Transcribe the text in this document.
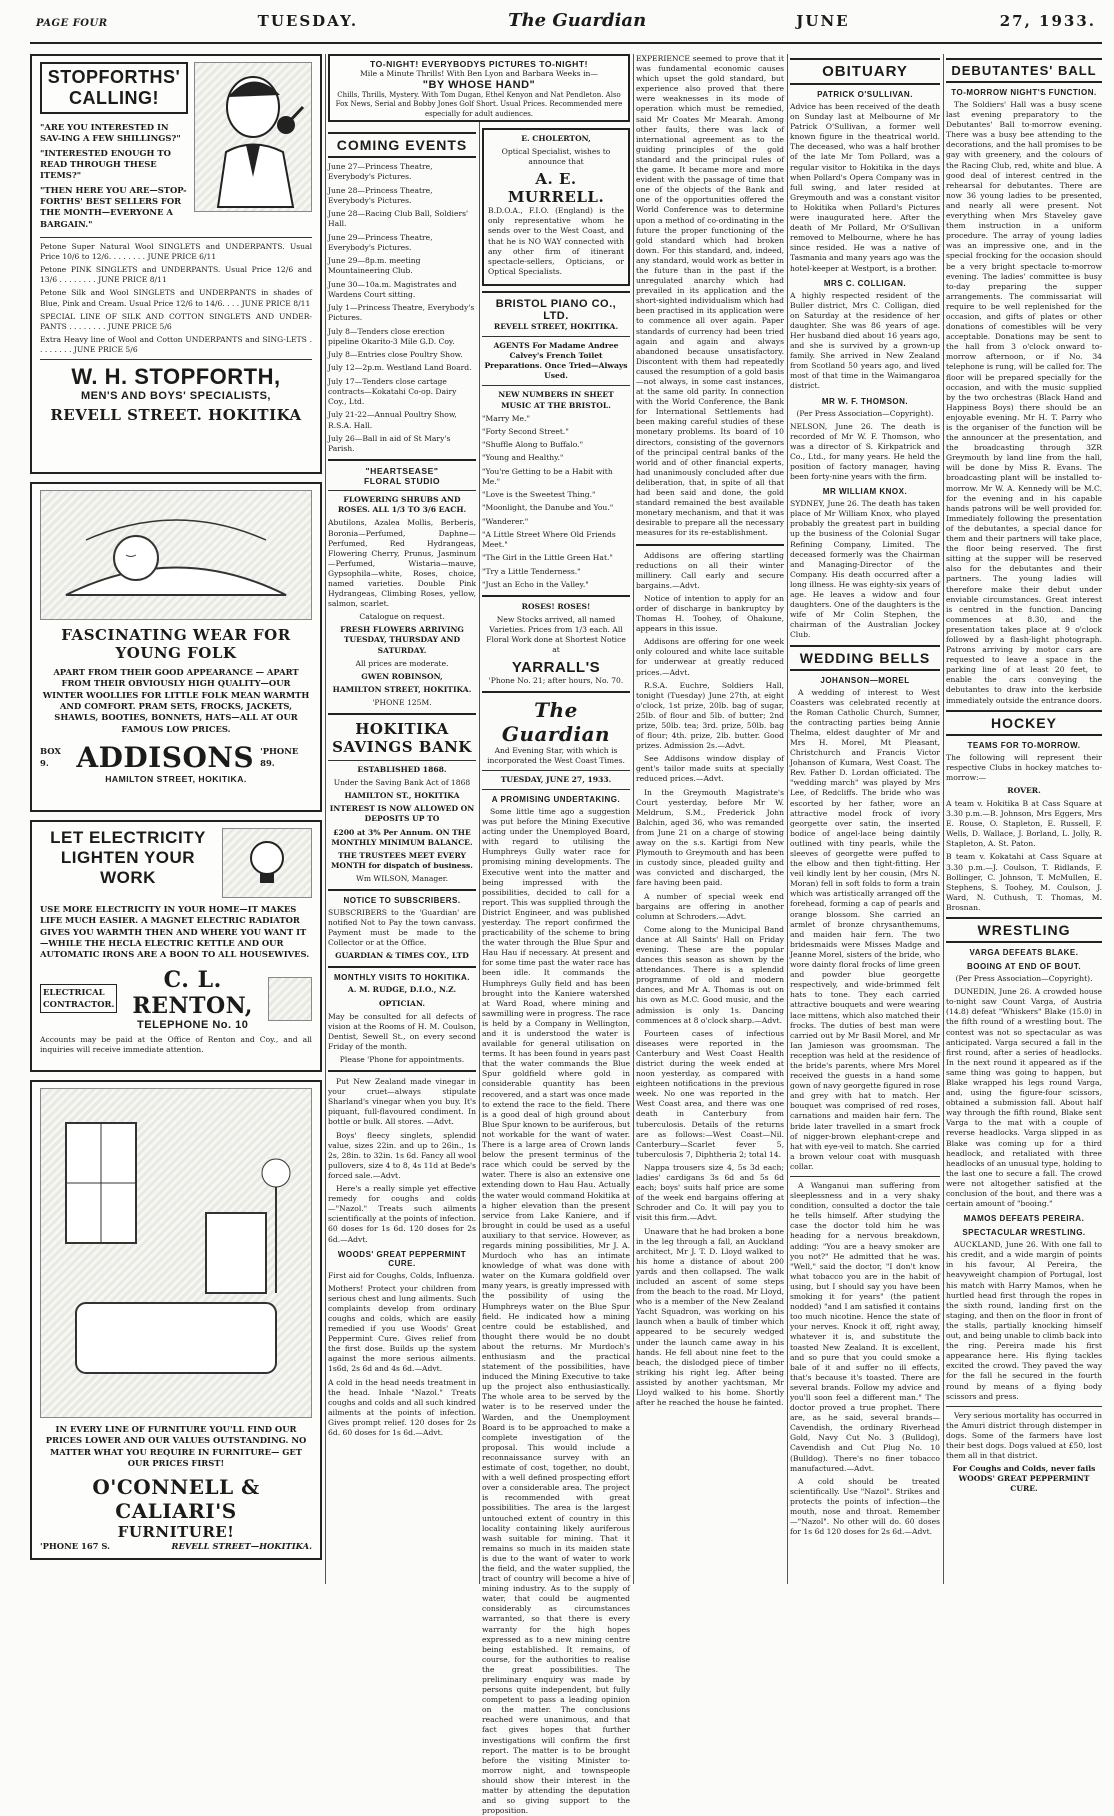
PAGE FOUR	TUESDAY.	The Guardian	JUNE	27, 1933.
STOPFORTHS'
CALLING!

"ARE YOU INTERESTED IN SAV-ING A FEW SHILLINGS?"

"INTERESTED ENOUGH TO READ THROUGH THESE ITEMS?"

"THEN HERE YOU ARE—STOP-FORTHS' BEST SELLERS FOR THE MONTH—EVERYONE A BARGAIN."

Petone Super Natural Wool SINGLETS and UNDERPANTS. Usual Price 10/6 to 12/6. . . . . . . . JUNE PRICE 6/11

Petone PINK SINGLETS and UNDERPANTS. Usual Price 12/6 and 13/6 . . . . . . . . JUNE PRICE 8/11

Petone Silk and Wool SINGLETS and UNDERPANTS in shades of Blue, Pink and Cream. Usual Price 12/6 to 14/6. . . . JUNE PRICE 8/11

SPECIAL LINE OF SILK AND COTTON SINGLETS AND UNDER-PANTS . . . . . . . . JUNE PRICE 5/6

Extra Heavy line of Wool and Cotton UNDERPANTS and SING-LETS . . . . . . . . JUNE PRICE 5/6

W. H. STOPFORTH,
MEN'S AND BOYS' SPECIALISTS,
REVELL STREET. HOKITIKA
FASCINATING WEAR FOR
YOUNG FOLK

APART FROM THEIR GOOD APPEARANCE — APART FROM THEIR OBVIOUSLY HIGH QUALITY—OUR WINTER WOOLLIES FOR LITTLE FOLK MEAN WARMTH AND COMFORT. PRAM SETS, FROCKS, JACKETS, SHAWLS, BOOTIES, BONNETS, HATS—ALL AT OUR FAMOUS LOW PRICES.

BOX 9. ADDISONS 'PHONE 89.
HAMILTON STREET, HOKITIKA.
LET ELECTRICITY
LIGHTEN YOUR
WORK

USE MORE ELECTRICITY IN YOUR HOME—IT MAKES LIFE MUCH EASIER. A MAGNET ELECTRIC RADIATOR GIVES YOU WARMTH THEN AND WHERE YOU WANT IT—WHILE THE HECLA ELECTRIC KETTLE AND OUR AUTOMATIC IRONS ARE A BOON TO ALL HOUSEWIVES.

ELECTRICAL
CONTRACTOR.
C. L. RENTON,
TELEPHONE No. 10

Accounts may be paid at the Office of Renton and Coy., and all inquiries will receive immediate attention.

IN EVERY LINE OF FURNITURE YOU'LL FIND OUR PRICES LOWER AND OUR VALUES OUTSTANDING. NO MATTER WHAT YOU REQUIRE IN FURNITURE— GET OUR PRICES FIRST!

O'CONNELL & CALIARI'S
FURNITURE!
'PHONE 167 S.	REVELL STREET—HOKITIKA.
TO-NIGHT! EVERYBODYS PICTURES TO-NIGHT!
Mile a Minute Thrills! With Ben Lyon and Barbara Weeks in—
"BY WHOSE HAND"
Chills, Thrills, Mystery. With Tom Dugan, Ethel Kenyon and Nat Pendleton. Also Fox News, Serial and Bobby Jones Golf Short. Usual Prices. Recommended mere especially for adult audiences.
COMING EVENTS

June 27—Princess Theatre, Everybody's Pictures.

June 28—Princess Theatre, Everybody's Pictures.

June 28—Racing Club Ball, Soldiers' Hall.

June 29—Princess Theatre, Everybody's Pictures.

June 29—8p.m. meeting Mountaineering Club.

June 30—10a.m. Magistrates and Wardens Court sitting.

July 1—Princess Theatre, Everybody's Pictures.

July 8—Tenders close erection pipeline Okarito-3 Mile G.D. Coy.

July 8—Entries close Poultry Show.

July 12—2p.m. Westland Land Board.

July 17—Tenders close cartage contracts—Kokatahi Co-op. Dairy Coy., Ltd.

July 21-22—Annual Poultry Show, R.S.A. Hall.

July 26—Ball in aid of St Mary's Parish.

"HEARTSEASE"
FLORAL STUDIO

FLOWERING SHRUBS AND ROSES. ALL 1/3 TO 3/6 EACH.

Abutilons, Azalea Mollis, Berberis, Boronia—Perfumed, Daphne—Perfumed, Red Hydrangeas, Flowering Cherry, Prunus, Jasminum—Perfumed, Wistaria—mauve, Gypsophila—white, Roses, choice, named varieties. Double Pink Hydrangeas, Climbing Roses, yellow, salmon, scarlet.

Catalogue on request.

FRESH FLOWERS ARRIVING TUESDAY, THURSDAY AND SATURDAY.

All prices are moderate.

GWEN ROBINSON,

HAMILTON STREET, HOKITIKA.

'PHONE 125M.

HOKITIKA
SAVINGS BANK

ESTABLISHED 1868.

Under the Saving Bank Act of 1868

HAMILTON ST., HOKITIKA

INTEREST IS NOW ALLOWED ON DEPOSITS UP TO

£200 at 3% Per Annum. ON THE MONTHLY MINIMUM BALANCE.

THE TRUSTEES MEET EVERY MONTH for dispatch of business.

Wm WILSON, Manager.

NOTICE TO SUBSCRIBERS.

SUBSCRIBERS to the 'Guardian' are notified Not to Pay the town canvass. Payment must be made to the Collector or at the Office.

GUARDIAN & TIMES COY., LTD

MONTHLY VISITS TO HOKITIKA.

A. M. RUDGE, D.I.O., N.Z.

OPTICIAN.

May be consulted for all defects of vision at the Rooms of H. M. Coulson, Dentist, Sewell St., on every second Friday of the month.

Please 'Phone for appointments.

Put New Zealand made vinegar in your cruet—always stipulate Sharland's vinegar when you buy. It's piquant, full-flavoured condiment. In bottle or bulk. All stores. —Advt.

Boys' fleecy singlets, splendid value, sizes 22in. and up to 26in., 1s 2s, 28in. to 32in. 1s 6d. Fancy all wool pullovers, size 4 to 8, 4s 11d at Bede's forced sale.—Advt.

Here's a really simple yet effective remedy for coughs and colds—"Nazol." Treats such ailments scientifically at the points of infection. 60 doses for 1s 6d. 120 doses for 2s 6d.—Advt.

WOODS' GREAT PEPPERMINT CURE.

First aid for Coughs, Colds, Influenza.

Mothers! Protect your children from serious chest and lung ailments. Such complaints develop from ordinary coughs and colds, which are easily remedied if you use Woods' Great Peppermint Cure. Gives relief from the first dose. Builds up the system against the more serious ailments. 1s6d, 2s 6d and 4s 6d.—Advt.

A cold in the head needs treatment in the head. Inhale "Nazol." Treats coughs and colds and all such kindred ailments at the points of infection. Gives prompt relief. 120 doses for 2s 6d. 60 doses for 1s 6d.—Advt.

E. CHOLERTON,

Optical Specialist, wishes to announce that

A. E. MURRELL.

B.D.O.A., F.I.O. (England) is the only representative whom he sends over to the West Coast, and that he is NO WAY connected with any other firm of itinerant spectacle-sellers, Opticians, or Optical Specialists.

BRISTOL PIANO CO., LTD.

REVELL STREET, HOKITIKA.

AGENTS For Madame Andree Calvey's French Toilet Preparations. Once Tried—Always Used.

NEW NUMBERS IN SHEET MUSIC AT THE BRISTOL.

"Marry Me."

"Forty Second Street."

"Shuffle Along to Buffalo."

"Young and Healthy."

"You're Getting to be a Habit with Me."

"Love is the Sweetest Thing."

"Moonlight, the Danube and You."

"Wanderer."

"A Little Street Where Old Friends Meet."

"The Girl in the Little Green Hat."

"Try a Little Tenderness."

"Just an Echo in the Valley."

ROSES! ROSES!

New Stocks arrived, all named Varieties. Prices from 1/3 each. All Floral Work done at Shortest Notice at

YARRALL'S

'Phone No. 21; after hours, No. 70.

The Guardian

And Evening Star, with which is incorporated the West Coast Times.

TUESDAY, JUNE 27, 1933.

A PROMISING UNDERTAKING.

Some little time ago a suggestion was put before the Mining Executive acting under the Unemployed Board, with regard to utilising the Humphreys Gully water race for promising mining developments. The Executive went into the matter and being impressed with the possibilities, decided to call for a report. This was supplied through the District Engineer, and was published yesterday. The report confirmed the practicability of the scheme to bring the water through the Blue Spur and Hau Hau if necessary. At present and for some time past the water race has been idle. It commands the Humphreys Gully field and has been brought into the Kaniere watershed at Ward Road, where mining and sawmilling were in progress. The race is held by a Company in Wellington, and it is understood the water is available for general utilisation on terms. It has been found in years past that the water commands the Blue Spur goldfield where gold in considerable quantity has been recovered, and a start was once made to extend the race to the field. There is a good deal of high ground about Blue Spur known to be auriferous, but not workable for the want of water. There is a large area of Crown lands below the present terminus of the race which could be served by the water. There is also an extensive one extending down to Hau Hau. Actually the water would command Hokitika at a higher elevation than the present service from Lake Kaniere, and if brought in could be used as a useful auxiliary to that service. However, as regards mining possibilities, Mr J. A. Murdoch who has an intimate knowledge of what was done with water on the Kumara goldfield over many years, is greatly impressed with the possibility of using the Humphreys water on the Blue Spur field. He indicated how a mining centre could be established, and thought there would be no doubt about the returns. Mr Murdoch's enthusiasm and the practical statement of the possibilities, have induced the Mining Executive to take up the project also enthusiastically. The whole area to be served by the water is to be reserved under the Warden, and the Unemployment Board is to be approached to make a complete investigation of the proposal. This would include a reconnaissance survey with an estimate of cost, together, no doubt, with a well defined prospecting effort over a considerable area. The project is recommended with great possibilities. The area is the largest untouched extent of country in this locality containing likely auriferous wash suitable for mining. That it remains so much in its maiden state is due to the want of water to work the field, and the water supplied, the tract of country will become a hive of mining industry. As to the supply of water, that could be augmented considerably as circumstances warranted, so that there is every warranty for the high hopes expressed as to a new mining centre being established. It remains, of course, for the authorities to realise the great possibilities. The preliminary enquiry was made by persons quite independent, but fully competent to pass a leading opinion on the matter. The conclusions reached were unanimous, and that fact gives hopes that further investigations will confirm the first report. The matter is to be brought before the visiting Minister to-morrow night, and townspeople should show their interest in the matter by attending the deputation and so giving support to the proposition.

EXPERIENCE seemed to prove that it was fundamental economic causes which upset the gold standard, but experience also proved that there were weaknesses in its mode of operation which must be remedied, said Mr Coates Mr Mearah. Among other faults, there was lack of international agreement as to the guiding principles of the gold standard and the principal rules of the game. It became more and more evident with the passage of time that one of the objects of the Bank and one of the opportunities offered the World Conference was to determine upon a method of co-ordinating in the future the proper functioning of the gold standard which had broken down. For this standard, and, indeed, any standard, would work as better in the future than in the past if the unregulated anarchy which had prevailed in its application and the short-sighted individualism which had been practised in its application were to commence all over again. Paper standards of currency had been tried again and again and always abandoned because unsatisfactory. Discontent with them had repeatedly caused the resumption of a gold basis—not always, in some cast instances, at the same old parity. In connection with the World Conference, the Bank for International Settlements had been making careful studies of these monetary problems. Its board of 10 directors, consisting of the governors of the principal central banks of the world and of other financial experts, had unanimously concluded after due deliberation, that, in spite of all that had been said and done, the gold standard remained the best available monetary mechanism, and that it was desirable to prepare all the necessary measures for its re-establishment.

Addisons are offering startling reductions on all their winter millinery. Call early and secure bargains.—Advt.

Notice of intention to apply for an order of discharge in bankruptcy by Thomas H. Toohey, of Ohakune, appears in this issue.

Addisons are offering for one week only coloured and white lace suitable for underwear at greatly reduced prices.—Advt.

R.S.A. Euchre, Soldiers Hall, tonight (Tuesday) June 27th, at eight o'clock, 1st prize, 20lb. bag of sugar, 25lb. of flour and 5lb. of butter; 2nd prize, 50lb. tea; 3rd. prize, 50lb. bag of flour; 4th. prize, 2lb. butter. Good prizes. Admission 2s.—Advt.

See Addisons window display of gent's tailor made suits at specially reduced prices.—Advt.

In the Greymouth Magistrate's Court yesterday, before Mr W. Meldrum, S.M., Frederick John Balchin, aged 36, who was remanded from June 21 on a charge of stowing away on the s.s. Kartigi from New Plymouth to Greymouth and has been in custody since, pleaded guilty and was convicted and discharged, the fare having been paid.

A number of special week end bargains are offering in another column at Schroders.—Advt.

Come along to the Municipal Band dance at All Saints' Hall on Friday evening. These are the popular dances this season as shown by the attendances. There is a splendid programme of old and modern dances, and Mr A. Thomas is out on his own as M.C. Good music, and the admission is only 1s. Dancing commences at 8 o'clock sharp.—Advt.

Fourteen cases of infectious diseases were reported in the Canterbury and West Coast Health district during the week ended at noon yesterday, as compared with eighteen notifications in the previous week. No one was reported in the West Coast area, and there was one death in Canterbury from tuberculosis. Details of the returns are as follows:—West Coast—Nil. Canterbury—Scarlet fever 5, tuberculosis 7, Diphtheria 2; total 14.

Nappa trousers size 4, 5s 3d each; ladies' cardigans 3s 6d and 5s 6d each; boys' suits half price are some of the week end bargains offering at Schroder and Co. It will pay you to visit this firm.—Advt.

Unaware that he had broken a bone in the leg through a fall, an Auckland architect, Mr J. T. D. Lloyd walked to his home a distance of about 200 yards and then collapsed. The walk included an ascent of some steps from the beach to the road. Mr Lloyd, who is a member of the New Zealand Yacht Squadron, was working on his launch when a baulk of timber which appeared to be securely wedged under the launch came away in his hands. He fell about nine feet to the beach, the dislodged piece of timber striking his right leg. After being assisted by another yachtsman, Mr Lloyd walked to his home. Shortly after he reached the house he fainted.

OBITUARY
PATRICK O'SULLIVAN.

Advice has been received of the death on Sunday last at Melbourne of Mr Patrick O'Sullivan, a former well known figure in the theatrical world. The deceased, who was a half brother of the late Mr Tom Pollard, was a regular visitor to Hokitika in the days when Pollard's Opera Company was in full swing, and later resided at Greymouth and was a constant visitor to Hokitika when Pollard's Pictures were inaugurated here. After the death of Mr Pollard, Mr O'Sullivan removed to Melbourne, where he has since resided. He was a native of Tasmania and many years ago was the hotel-keeper at Westport, is a brother.

MRS C. COLLIGAN.

A highly respected resident of the Buller district, Mrs C. Colligan, died on Saturday at the residence of her daughter. She was 86 years of age. Her husband died about 16 years ago, and she is survived by a grown-up family. She arrived in New Zealand from Scotland 50 years ago, and lived most of that time in the Waimangaroa district.

MR W. F. THOMSON.

(Per Press Association—Copyright).

NELSON, June 26. The death is recorded of Mr W. F. Thomson, who was a director of S. Kirkpatrick and Co., Ltd., for many years. He held the position of factory manager, having been forty-nine years with the firm.

MR WILLIAM KNOX.

SYDNEY, June 26. The death has taken place of Mr William Knox, who played probably the greatest part in building up the business of the Colonial Sugar Refining Company, Limited. The deceased formerly was the Chairman and Managing-Director of the Company. His death occurred after a long illness. He was eighty-six years of age. He leaves a widow and four daughters. One of the daughters is the wife of Mr Colin Stephen, the chairman of the Australian Jockey Club.

WEDDING BELLS
JOHANSON—MOREL

A wedding of interest to West Coasters was celebrated recently at the Roman Catholic Church, Sumner, the contracting parties being Annie Thelma, eldest daughter of Mr and Mrs H. Morel, Mt Pleasant, Christchurch and Francis Victor Johanson of Kumara, West Coast. The Rev. Father D. Lordan officiated. The "wedding march" was played by Mrs Lee, of Redcliffs. The bride who was escorted by her father, wore an attractive model frock of ivory georgette over satin, the inserted bodice of angel-lace being daintily outlined with tiny pearls, while the sleeves of georgette were puffed to the elbow and then tight-fitting. Her veil kindly lent by her cousin, (Mrs N. Moran) fell in soft folds to form a train which was artistically arranged off the forehead, forming a cap of pearls and orange blossom. She carried an armlet of bronze chrysanthemums, and maiden hair fern. The two bridesmaids were Misses Madge and Jeanne Morel, sisters of the bride, who wore dainty floral frocks of lime green and powder blue georgette respectively, and wide-brimmed felt hats to tone. They each carried attractive bouquets and were wearing lace mittens, which also matched their frocks. The duties of best man were carried out by Mr Basil Morel, and Mr Ian Jamieson was groomsman. The reception was held at the residence of the bride's parents, where Mrs Morel received the guests in a hand some gown of navy georgette figured in rose and grey with hat to match. Her bouquet was comprised of red roses, carnations and maiden hair fern. The bride later travelled in a smart frock of nigger-brown elephant-crepe and hat with eye-veil to match. She carried a brown velour coat with musquash collar.

A Wanganui man suffering from sleeplessness and in a very shaky condition, consulted a doctor the tale he tells himself. After studying the case the doctor told him he was heading for a nervous breakdown, adding: "You are a heavy smoker are you not?" He admitted that he was. "Well," said the doctor, "I don't know what tobacco you are in the habit of using, but I should say you have been smoking it for years" (the patient nodded) "and I am satisfied it contains too much nicotine. Hence the state of your nerves. Knock it off, right away, whatever it is, and substitute the toasted New Zealand. It is excellent, and so pure that you could smoke a bale of it and suffer no ill effects, that's because it's toasted. There are several brands. Follow my advice and you'll soon feel a different man." The doctor proved a true prophet. There are, as he said, several brands—Cavendish, the ordinary Riverhead Gold, Navy Cut No. 3 (Bulldog), Cavendish and Cut Plug No. 10 (Bulldog). There's no finer tobacco manufactured.—Advt.

A cold should be treated scientifically. Use "Nazol". Strikes and protects the points of infection—the mouth, nose and throat. Remember—"Nazol". No other will do. 60 doses for 1s 6d 120 doses for 2s 6d.—Advt.

DEBUTANTES' BALL
TO-MORROW NIGHT'S FUNCTION.

The Soldiers' Hall was a busy scene last evening preparatory to the Debutantes' Ball to-morrow evening. There was a busy bee attending to the decorations, and the hall promises to be gay with greenery, and the colours of the Racing Club, red, white and blue. A good deal of interest centred in the rehearsal for debutantes. There are now 36 young ladies to be presented, and nearly all were present. Not everything when Mrs Staveley gave them instruction in a uniform procedure. The array of young ladies was an impressive one, and in the special frocking for the occasion should be a very bright spectacle to-morrow evening. The ladies' committee is busy to-day preparing the supper arrangements. The commissariat will require to be well replenished for the occasion, and gifts of plates or other donations of comestibles will be very acceptable. Donations may be sent to the hall from 3 o'clock onward to-morrow afternoon, or if No. 34 telephone is rung, will be called for. The floor will be prepared specially for the occasion, and with the music supplied by the two orchestras (Black Hand and Happiness Boys) there should be an enjoyable evening. Mr H. T. Parry who is the organiser of the function will be the announcer at the presentation, and the broadcasting through 3ZR Greymouth by land line from the hall, will be done by Miss R. Evans. The broadcasting plant will be installed to-morrow. Mr W. A. Kennedy will be M.C. for the evening and in his capable hands patrons will be well provided for. Immediately following the presentation of the debutantes, a special dance for them and their partners will take place, the floor being reserved. The first sitting at the supper will be reserved also for the debutantes and their partners. The young ladies will therefore make their debut under enviable circumstances. Great interest is centred in the function. Dancing commences at 8.30, and the presentation takes place at 9 o'clock followed by a flash-light photograph. Patrons arriving by motor cars are requested to leave a space in the parking line of at least 20 feet, to enable the cars conveying the debutantes to draw into the kerbside immediately outside the entrance doors.

HOCKEY
TEAMS FOR TO-MORROW.

The following will represent their respective Clubs in hockey matches to-morrow:—

ROVER.

A team v. Hokitika B at Cass Square at 3.30 p.m.—B. Johnson, Mrs Eggers, Mrs E. Rouse, O. Stapleton, E. Russell, F. Wells, D. Wallace, J. Borland, L. Jolly, R. Stapleton, A. St. Paton.

B team v. Kokatahi at Cass Square at 3.30 p.m.—J. Coulson, T. Ridlands, F. Bollinger, C. Johnson, T. McMullen, E. Stephens, S. Toohey, M. Coulson, J. Ward, N. Cuthush, T. Thomas, M. Brosnan.

WRESTLING
VARGA DEFEATS BLAKE.
BOOING AT END OF BOUT.

(Per Press Association—Copyright).

DUNEDIN, June 26. A crowded house to-night saw Count Varga, of Austria (14.8) defeat "Whiskers" Blake (15.0) in the fifth round of a wrestling bout. The contest was not so spectacular as was anticipated. Varga secured a fall in the first round, after a series of headlocks. In the next round it appeared as if the same thing was going to happen, but Blake wrapped his legs round Varga, and, using the figure-four scissors, obtained a submission fall. About half way through the fifth round, Blake sent Varga to the mat with a couple of reverse headlocks. Varga slipped in as Blake was coming up for a third headlock, and retaliated with three headlocks of an unusual type, holding to the last one to secure a fall. The crowd were not altogether satisfied at the conclusion of the bout, and there was a certain amount of "booing."

MAMOS DEFEATS PEREIRA.
SPECTACULAR WRESTLING.

AUCKLAND, June 26. With one fall to his credit, and a wide margin of points in his favour, Al Pereira, the heavyweight champion of Portugal, lost his match with Harry Mamos, when he hurtled head first through the ropes in the sixth round, landing first on the staging, and then on the floor in front of the stalls, partially knocking himself out, and being unable to climb back into the ring. Pereira made his first appearance here. His flying tackles excited the crowd. They paved the way for the fall he secured in the fourth round by means of a flying body scissors and press.

Very serious mortality has occurred in the Amuri district through distemper in dogs. Some of the farmers have lost their best dogs. Dogs valued at £50, lost them all in that district.

For Coughs and Colds, never fails WOODS' GREAT PEPPERMINT CURE.
